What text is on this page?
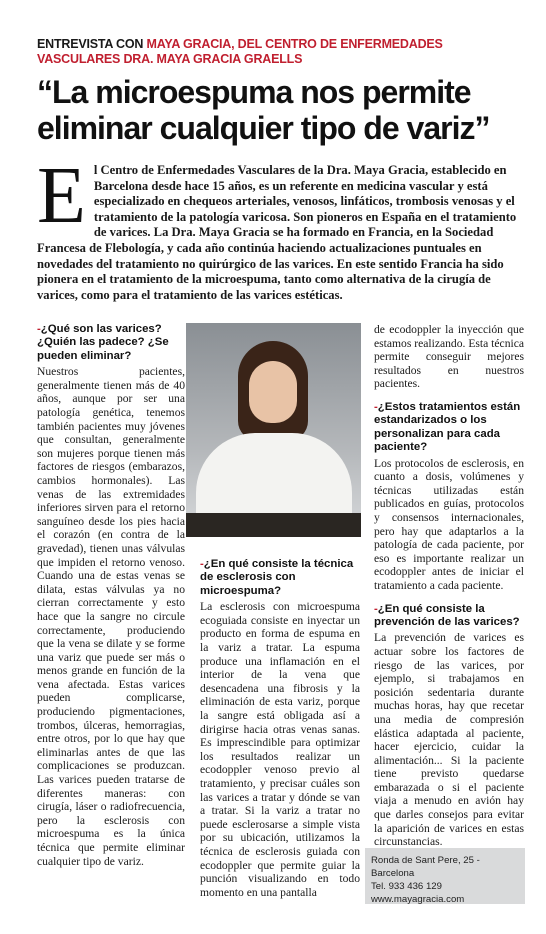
ENTREVISTA CON MAYA GRACIA, DEL CENTRO DE ENFERMEDADES VASCULARES DRA. MAYA GRACIA GRAELLS
“La microespuma nos permite eliminar cualquier tipo de variz”
El Centro de Enfermedades Vasculares de la Dra. Maya Gracia, establecido en Barcelona desde hace 15 años, es un referente en medicina vascular y está especializado en chequeos arteriales, venosos, linfáticos, trombosis venosas y el tratamiento de la patología varicosa. Son pioneros en España en el tratamiento de varices. La Dra. Maya Gracia se ha formado en Francia, en la Sociedad Francesa de Flebología, y cada año continúa haciendo actualizaciones puntuales en novedades del tratamiento no quirúrgico de las varices. En este sentido Francia ha sido pionera en el tratamiento de la microespuma, tanto como alternativa de la cirugía de varices, como para el tratamiento de las varices estéticas.
-¿Qué son las varices? ¿Quién las padece? ¿Se pueden eliminar?

Nuestros pacientes, generalmente tienen más de 40 años, aunque por ser una patología genética, tenemos también pacientes muy jóvenes que consultan, generalmente son mujeres porque tienen más factores de riesgos (embarazos, cambios hormonales). Las venas de las extremidades inferiores sirven para el retorno sanguíneo desde los pies hacia el corazón (en contra de la gravedad), tienen unas válvulas que impiden el retorno venoso. Cuando una de estas venas se dilata, estas válvulas ya no cierran correctamente y esto hace que la sangre no circule correctamente, produciendo que la vena se dilate y se forme una variz que puede ser más o menos grande en función de la vena afectada. Estas varices pueden complicarse, produciendo pigmentaciones, trombos, úlceras, hemorragias, entre otros, por lo que hay que eliminarlas antes de que las complicaciones se produzcan. Las varices pueden tratarse de diferentes maneras: con cirugía, láser o radiofrecuencia, pero la esclerosis con microespuma es la única técnica que permite eliminar cualquier tipo de variz.

-¿En qué consiste la técnica de esclerosis con microespuma?

La esclerosis con microespuma ecoguiada consiste en inyectar un producto en forma de espuma en la variz a tratar. La espuma produce una inflamación en el interior de la vena que desencadena una fibrosis y la eliminación de esta variz, porque la sangre está obligada así a dirigirse hacia otras venas sanas. Es imprescindible para optimizar los resultados realizar un ecodoppler venoso previo al tratamiento, y precisar cuáles son las varices a tratar y dónde se van a tratar. Si la variz a tratar no puede esclerosarse a simple vista por su ubicación, utilizamos la técnica de esclerosis guiada con ecodoppler que permite guiar la punción visualizando en todo momento en una pantalla

de ecodoppler la inyección que estamos realizando. Esta técnica permite conseguir mejores resultados en nuestros pacientes.

-¿Estos tratamientos están estandarizados o los personalizan para cada paciente?

Los protocolos de esclerosis, en cuanto a dosis, volúmenes y técnicas utilizadas están publicados en guías, protocolos y consensos internacionales, pero hay que adaptarlos a la patología de cada paciente, por eso es importante realizar un ecodoppler antes de iniciar el tratamiento a cada paciente.

-¿En qué consiste la prevención de las varices?

La prevención de varices es actuar sobre los factores de riesgo de las varices, por ejemplo, si trabajamos en posición sedentaria durante muchas horas, hay que recetar una media de compresión elástica adaptada al paciente, hacer ejercicio, cuidar la alimentación... Si la paciente tiene previsto quedarse embarazada o si el paciente viaja a menudo en avión hay que darles consejos para evitar la aparición de varices en estas circunstancias.

Ronda de Sant Pere, 25 - Barcelona
Tel. 933 436 129
www.mayagracia.com
